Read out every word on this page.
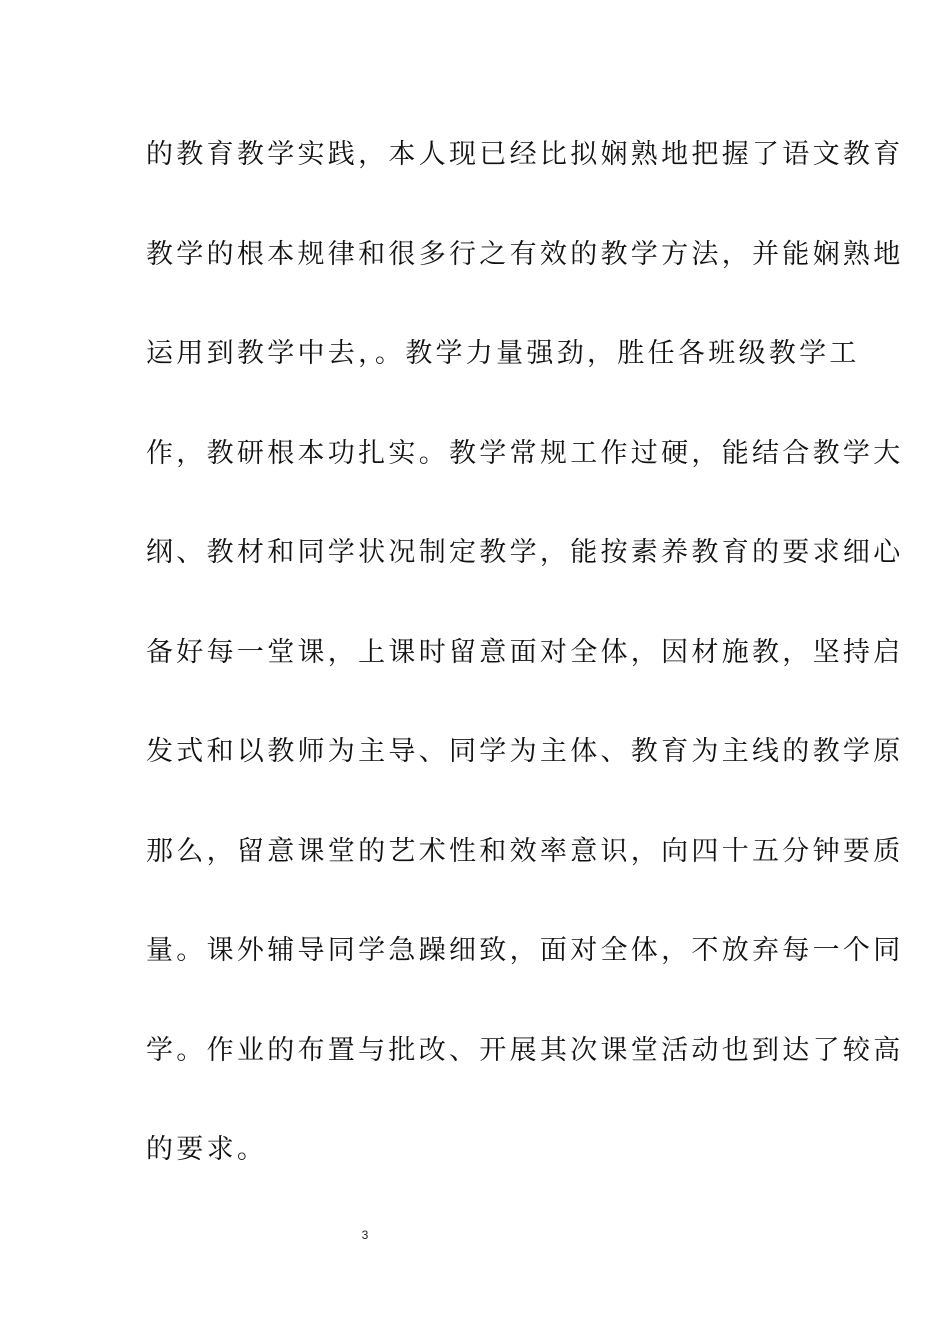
的教育教学实践，本人现已经比拟娴熟地把握了语文教育
教学的根本规律和很多行之有效的教学方法，并能娴熟地
运用到教学中去，。教学力量强劲，胜任各班级教学工
作，教研根本功扎实。教学常规工作过硬，能结合教学大
纲、教材和同学状况制定教学，能按素养教育的要求细心
备好每一堂课，上课时留意面对全体，因材施教，坚持启
发式和以教师为主导、同学为主体、教育为主线的教学原
那么，留意课堂的艺术性和效率意识，向四十五分钟要质
量。课外辅导同学急躁细致，面对全体，不放弃每一个同
学。作业的布置与批改、开展其次课堂活动也到达了较高
的要求。
3
